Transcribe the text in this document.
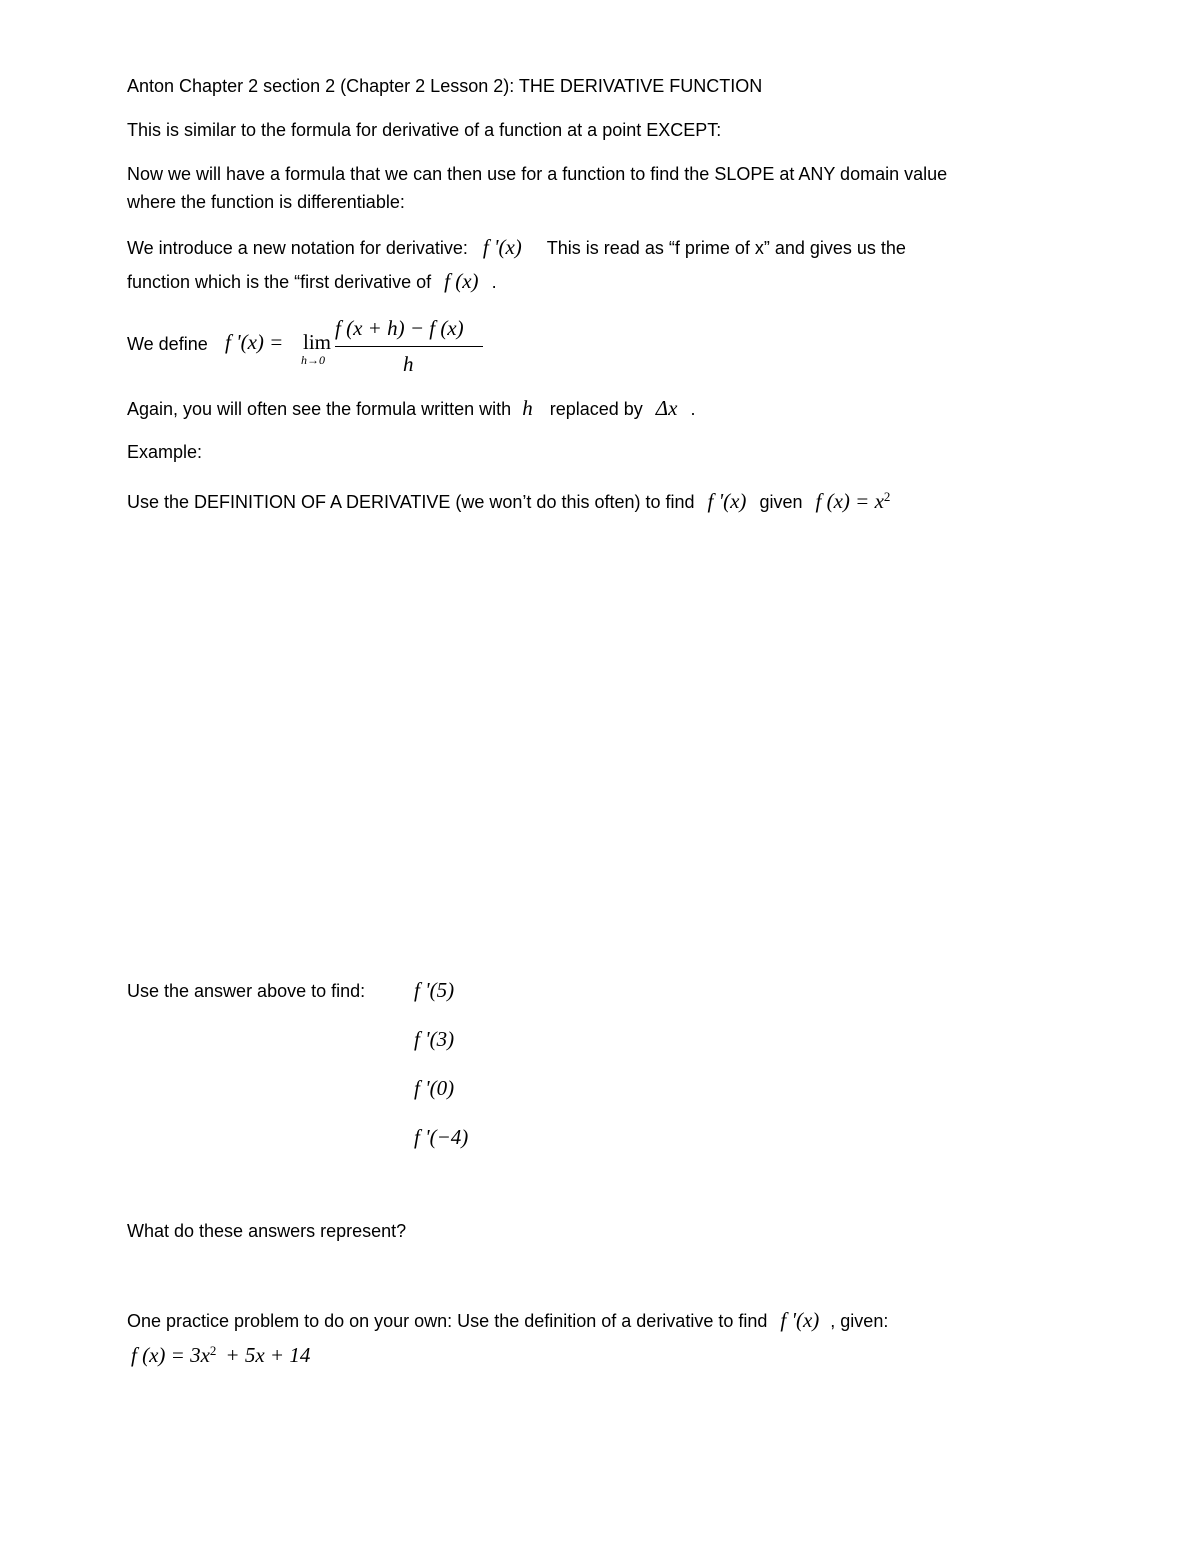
Anton Chapter 2 section 2 (Chapter 2 Lesson 2): THE DERIVATIVE FUNCTION
This is similar to the formula for derivative of a function at a point EXCEPT:
Now we will have a formula that we can then use for a function to find the SLOPE at ANY domain value
where the function is differentiable:
We introduce a new notation for derivative: f '(x) This is read as “f prime of x” and gives us the
function which is the “first derivative of f (x) .
We define f '(x) = lim
h→0
f (x + h) − f (x)
h
Again, you will often see the formula written with h replaced by Δx .
Example:
Use the DEFINITION OF A DERIVATIVE (we won’t do this often) to find f '(x) given f $(x) = x^2$
Use the answer above to find: f '(5)
f '(3)
f '(0)
f '(−4)
What do these answers represent?
One practice problem to do on your own: Use the definition of a derivative to find f '(x) , given:
f $(x) = 3x^2 + 5x + 14$
